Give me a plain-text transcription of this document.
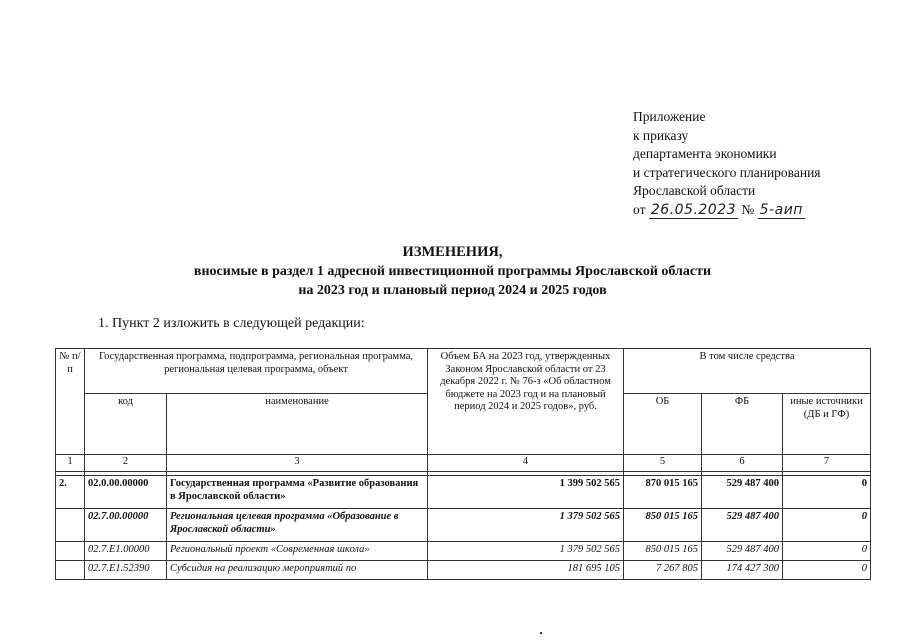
Приложение
к приказу
департамента экономики
и стратегического планирования
Ярославской области
от 26.05.2023 № 5-аип
ИЗМЕНЕНИЯ,
вносимые в раздел 1 адресной инвестиционной программы Ярославской области
на 2023 год и плановый период 2024 и 2025 годов
1. Пункт 2 изложить в следующей редакции:
№ п/п	Государственная программа, подпрограмма, региональная программа, региональная целевая программа, объект		Объем БА на 2023 год, утвержденных Законом Ярославской области от 23 декабря 2022 г. № 76-з «Об областном бюджете на 2023 год и на плановый период 2024 и 2025 годов», руб.	В том числе средства		
	код	наименование		ОБ	ФБ	иные источники (ДБ и ГФ)
1	2	3	4	5	6	7

2.	02.0.00.00000	Государственная программа «Развитие образования в Ярославской области»	1 399 502 565	870 015 165	529 487 400	0
	02.7.00.00000	Региональная целевая программа «Образование в Ярославской области»	1 379 502 565	850 015 165	529 487 400	0
	02.7.E1.00000	Региональный проект «Современная школа»	1 379 502 565	850 015 165	529 487 400	0
	02.7.E1.52390	Субсидия на реализацию мероприятий по	181 695 105	7 267 805	174 427 300	0
